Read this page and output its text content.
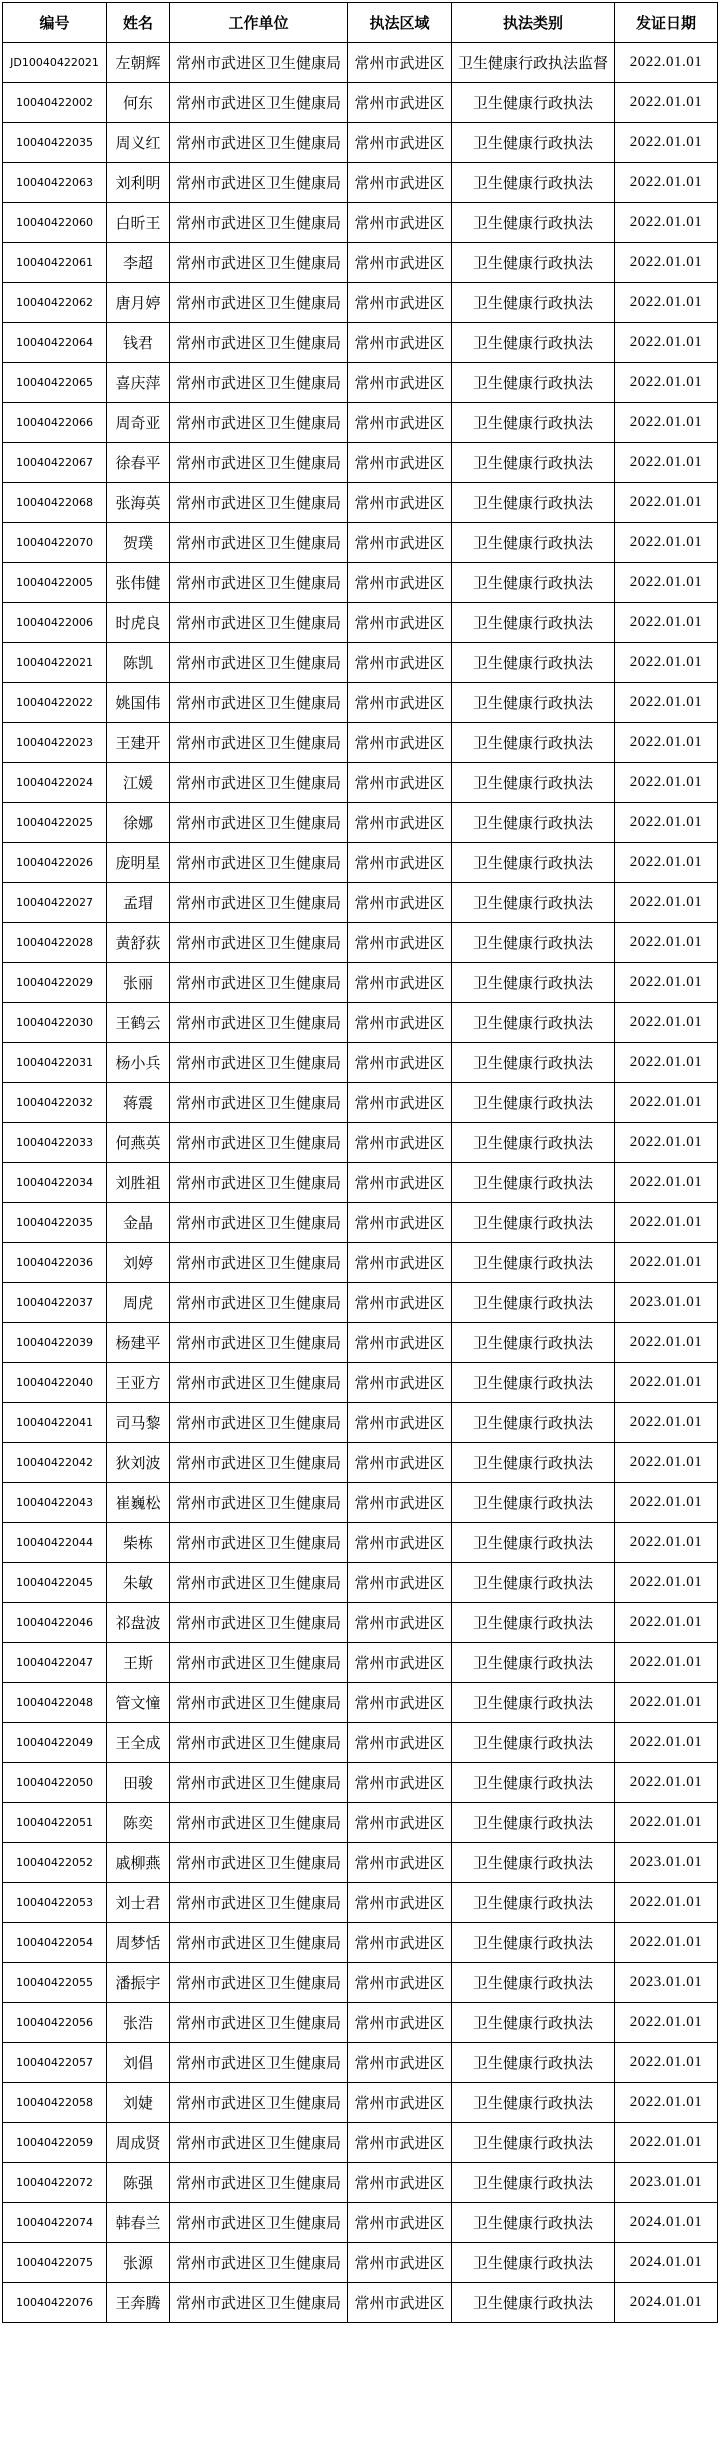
编号	姓名	工作单位	执法区域	执法类别	发证日期
JD10040422021	左朝辉	常州市武进区卫生健康局	常州市武进区	卫生健康行政执法监督	2022.01.01
10040422002	何东	常州市武进区卫生健康局	常州市武进区	卫生健康行政执法	2022.01.01
10040422035	周义红	常州市武进区卫生健康局	常州市武进区	卫生健康行政执法	2022.01.01
10040422063	刘利明	常州市武进区卫生健康局	常州市武进区	卫生健康行政执法	2022.01.01
10040422060	白昕王	常州市武进区卫生健康局	常州市武进区	卫生健康行政执法	2022.01.01
10040422061	李超	常州市武进区卫生健康局	常州市武进区	卫生健康行政执法	2022.01.01
10040422062	唐月婷	常州市武进区卫生健康局	常州市武进区	卫生健康行政执法	2022.01.01
10040422064	钱君	常州市武进区卫生健康局	常州市武进区	卫生健康行政执法	2022.01.01
10040422065	喜庆萍	常州市武进区卫生健康局	常州市武进区	卫生健康行政执法	2022.01.01
10040422066	周奇亚	常州市武进区卫生健康局	常州市武进区	卫生健康行政执法	2022.01.01
10040422067	徐春平	常州市武进区卫生健康局	常州市武进区	卫生健康行政执法	2022.01.01
10040422068	张海英	常州市武进区卫生健康局	常州市武进区	卫生健康行政执法	2022.01.01
10040422070	贺璞	常州市武进区卫生健康局	常州市武进区	卫生健康行政执法	2022.01.01
10040422005	张伟健	常州市武进区卫生健康局	常州市武进区	卫生健康行政执法	2022.01.01
10040422006	时虎良	常州市武进区卫生健康局	常州市武进区	卫生健康行政执法	2022.01.01
10040422021	陈凯	常州市武进区卫生健康局	常州市武进区	卫生健康行政执法	2022.01.01
10040422022	姚国伟	常州市武进区卫生健康局	常州市武进区	卫生健康行政执法	2022.01.01
10040422023	王建开	常州市武进区卫生健康局	常州市武进区	卫生健康行政执法	2022.01.01
10040422024	江媛	常州市武进区卫生健康局	常州市武进区	卫生健康行政执法	2022.01.01
10040422025	徐娜	常州市武进区卫生健康局	常州市武进区	卫生健康行政执法	2022.01.01
10040422026	庞明星	常州市武进区卫生健康局	常州市武进区	卫生健康行政执法	2022.01.01
10040422027	孟瑁	常州市武进区卫生健康局	常州市武进区	卫生健康行政执法	2022.01.01
10040422028	黄舒荻	常州市武进区卫生健康局	常州市武进区	卫生健康行政执法	2022.01.01
10040422029	张丽	常州市武进区卫生健康局	常州市武进区	卫生健康行政执法	2022.01.01
10040422030	王鹤云	常州市武进区卫生健康局	常州市武进区	卫生健康行政执法	2022.01.01
10040422031	杨小兵	常州市武进区卫生健康局	常州市武进区	卫生健康行政执法	2022.01.01
10040422032	蒋震	常州市武进区卫生健康局	常州市武进区	卫生健康行政执法	2022.01.01
10040422033	何燕英	常州市武进区卫生健康局	常州市武进区	卫生健康行政执法	2022.01.01
10040422034	刘胜祖	常州市武进区卫生健康局	常州市武进区	卫生健康行政执法	2022.01.01
10040422035	金晶	常州市武进区卫生健康局	常州市武进区	卫生健康行政执法	2022.01.01
10040422036	刘婷	常州市武进区卫生健康局	常州市武进区	卫生健康行政执法	2022.01.01
10040422037	周虎	常州市武进区卫生健康局	常州市武进区	卫生健康行政执法	2023.01.01
10040422039	杨建平	常州市武进区卫生健康局	常州市武进区	卫生健康行政执法	2022.01.01
10040422040	王亚方	常州市武进区卫生健康局	常州市武进区	卫生健康行政执法	2022.01.01
10040422041	司马黎	常州市武进区卫生健康局	常州市武进区	卫生健康行政执法	2022.01.01
10040422042	狄刘波	常州市武进区卫生健康局	常州市武进区	卫生健康行政执法	2022.01.01
10040422043	崔巍松	常州市武进区卫生健康局	常州市武进区	卫生健康行政执法	2022.01.01
10040422044	柴栋	常州市武进区卫生健康局	常州市武进区	卫生健康行政执法	2022.01.01
10040422045	朱敏	常州市武进区卫生健康局	常州市武进区	卫生健康行政执法	2022.01.01
10040422046	祁盘波	常州市武进区卫生健康局	常州市武进区	卫生健康行政执法	2022.01.01
10040422047	王斯	常州市武进区卫生健康局	常州市武进区	卫生健康行政执法	2022.01.01
10040422048	管文憧	常州市武进区卫生健康局	常州市武进区	卫生健康行政执法	2022.01.01
10040422049	王全成	常州市武进区卫生健康局	常州市武进区	卫生健康行政执法	2022.01.01
10040422050	田骏	常州市武进区卫生健康局	常州市武进区	卫生健康行政执法	2022.01.01
10040422051	陈奕	常州市武进区卫生健康局	常州市武进区	卫生健康行政执法	2022.01.01
10040422052	戚柳燕	常州市武进区卫生健康局	常州市武进区	卫生健康行政执法	2023.01.01
10040422053	刘士君	常州市武进区卫生健康局	常州市武进区	卫生健康行政执法	2022.01.01
10040422054	周梦恬	常州市武进区卫生健康局	常州市武进区	卫生健康行政执法	2022.01.01
10040422055	潘振宇	常州市武进区卫生健康局	常州市武进区	卫生健康行政执法	2023.01.01
10040422056	张浩	常州市武进区卫生健康局	常州市武进区	卫生健康行政执法	2022.01.01
10040422057	刘倡	常州市武进区卫生健康局	常州市武进区	卫生健康行政执法	2022.01.01
10040422058	刘婕	常州市武进区卫生健康局	常州市武进区	卫生健康行政执法	2022.01.01
10040422059	周成贤	常州市武进区卫生健康局	常州市武进区	卫生健康行政执法	2022.01.01
10040422072	陈强	常州市武进区卫生健康局	常州市武进区	卫生健康行政执法	2023.01.01
10040422074	韩春兰	常州市武进区卫生健康局	常州市武进区	卫生健康行政执法	2024.01.01
10040422075	张源	常州市武进区卫生健康局	常州市武进区	卫生健康行政执法	2024.01.01
10040422076	王奔腾	常州市武进区卫生健康局	常州市武进区	卫生健康行政执法	2024.01.01
